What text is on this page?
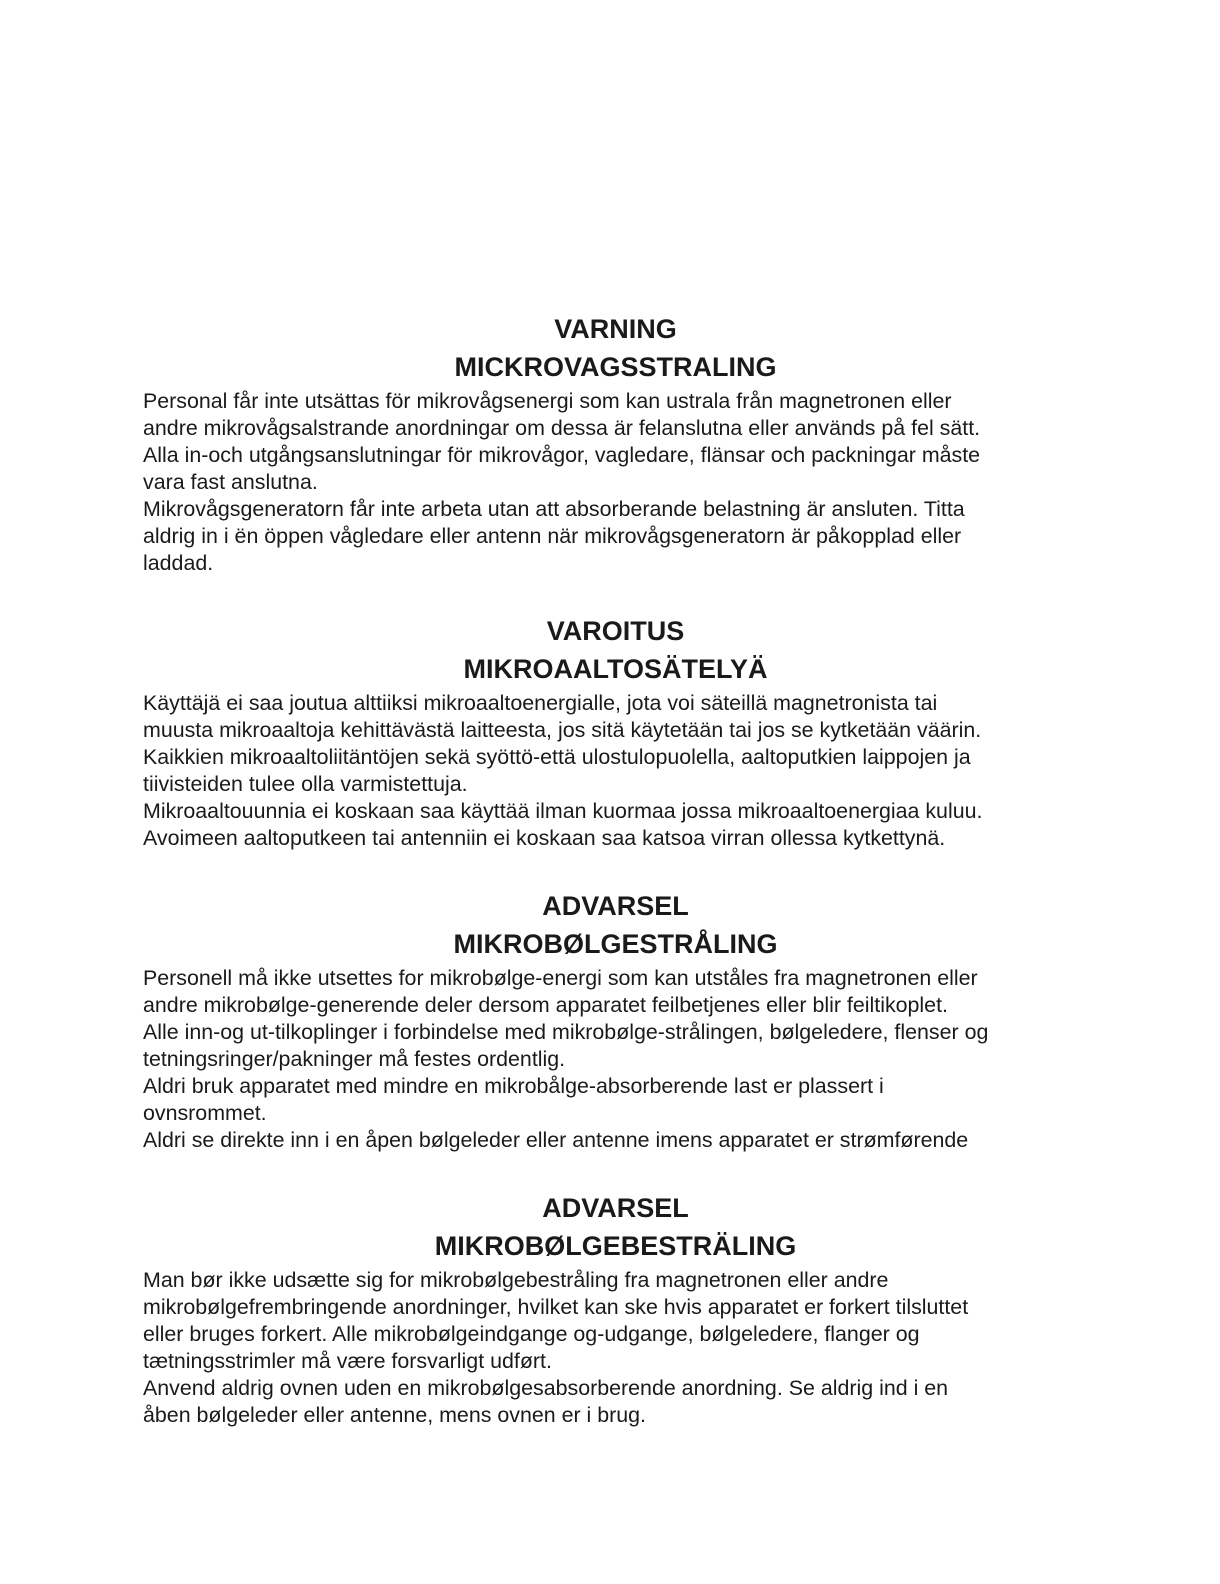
VARNING
MICKROVAGSSTRALING
Personal får inte utsättas för mikrovågsenergi som kan ustrala från magnetronen eller
andre mikrovågsalstrande anordningar om dessa är felanslutna eller används på fel sätt.
Alla in-och utgångsanslutningar för mikrovågor, vagledare, flänsar och packningar måste
vara fast anslutna.
Mikrovågsgeneratorn får inte arbeta utan att absorberande belastning är ansluten. Titta
aldrig in i ën öppen vågledare eller antenn när mikrovågsgeneratorn är påkopplad eller
laddad.
VAROITUS
MIKROAALTOSÄTELYÄ
Käyttäjä ei saa joutua alttiiksi mikroaaltoenergialle, jota voi säteillä magnetronista tai
muusta mikroaaltoja kehittävästä laitteesta, jos sitä käytetään tai jos se kytketään väärin.
Kaikkien mikroaaltoliitäntöjen sekä syöttö-että ulostulopuolella, aaltoputkien laippojen ja
tiivisteiden tulee olla varmistettuja.
Mikroaaltouunnia ei koskaan saa käyttää ilman kuormaa jossa mikroaaltoenergiaa kuluu.
Avoimeen aaltoputkeen tai antenniin ei koskaan saa katsoa virran ollessa kytkettynä.
ADVARSEL
MIKROBØLGESTRÅLING
Personell må ikke utsettes for mikrobølge-energi som kan utståles fra magnetronen eller
andre mikrobølge-generende deler dersom apparatet feilbetjenes eller blir feiltikoplet.
Alle inn-og ut-tilkoplinger i forbindelse med mikrobølge-strålingen, bølgeledere, flenser og
tetningsringer/pakninger må festes ordentlig.
Aldri bruk apparatet med mindre en mikrobålge-absorberende last er plassert i
ovnsrommet.
Aldri se direkte inn i en åpen bølgeleder eller antenne imens apparatet er strømførende
ADVARSEL
MIKROBØLGEBESTRÄLING
Man bør ikke udsætte sig for mikrobølgebestråling fra magnetronen eller andre
mikrobølgefrembringende anordninger, hvilket kan ske hvis apparatet er forkert tilsluttet
eller bruges forkert. Alle mikrobølgeindgange og-udgange, bølgeledere, flanger og
tætningsstrimler må være forsvarligt udført.
Anvend aldrig ovnen uden en mikrobølgesabsorberende anordning. Se aldrig ind i en
åben bølgeleder eller antenne, mens ovnen er i brug.
